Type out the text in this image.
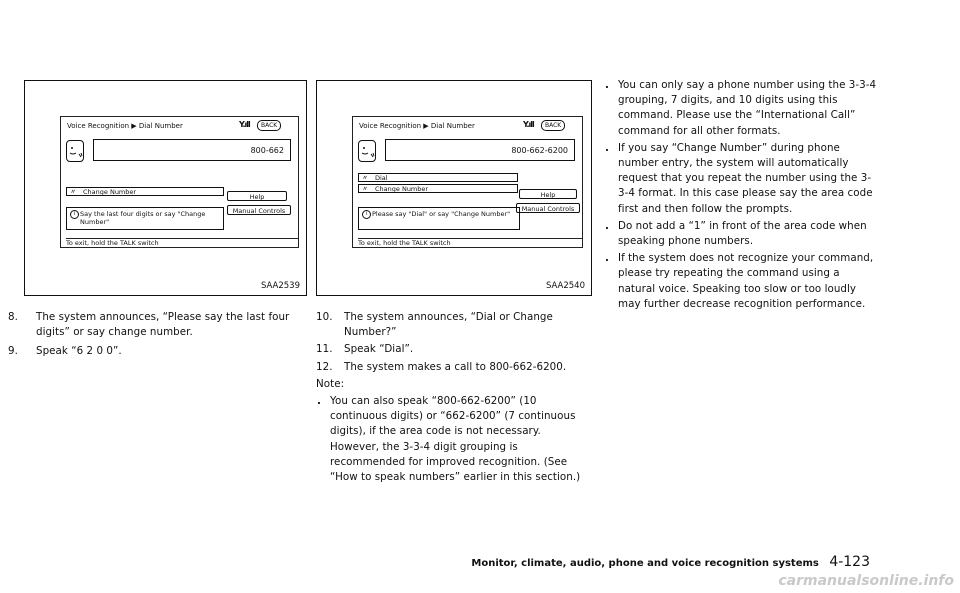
Voice Recognition ▶ Dial Number	Y.ıll	BACK
800-662
〃 Change Number
Help
Manual Controls
i Say the last four digits or say "Change Number"
To exit, hold the TALK switch
SAA2539
Voice Recognition ▶ Dial Number	Y.ıll	BACK
800-662-6200
〃 Dial
〃 Change Number
Help
Manual Controls
i Please say "Dial" or say "Change Number"
To exit, hold the TALK switch
SAA2540

8. The system announces, “Please say the last four digits” or say change number.

9. Speak “6 2 0 0”.

10. The system announces, “Dial or Change Number?”

11. Speak “Dial”.

12. The system makes a call to 800-662-6200.

Note:

. You can also speak “800-662-6200” (10 continuous digits) or “662-6200” (7 continuous digits), if the area code is not necessary. However, the 3-3-4 digit grouping is recommended for improved recognition. (See “How to speak numbers” earlier in this section.)

. You can only say a phone number using the 3-3-4 grouping, 7 digits, and 10 digits using this command. Please use the “International Call” command for all other formats.

. If you say “Change Number” during phone number entry, the system will automatically request that you repeat the number using the 3-3-4 format. In this case please say the area code first and then follow the prompts.

. Do not add a “1” in front of the area code when speaking phone numbers.

. If the system does not recognize your command, please try repeating the command using a natural voice. Speaking too slow or too loudly may further decrease recognition performance.

Monitor, climate, audio, phone and voice recognition systems 4-123
carmanualsonline.info
